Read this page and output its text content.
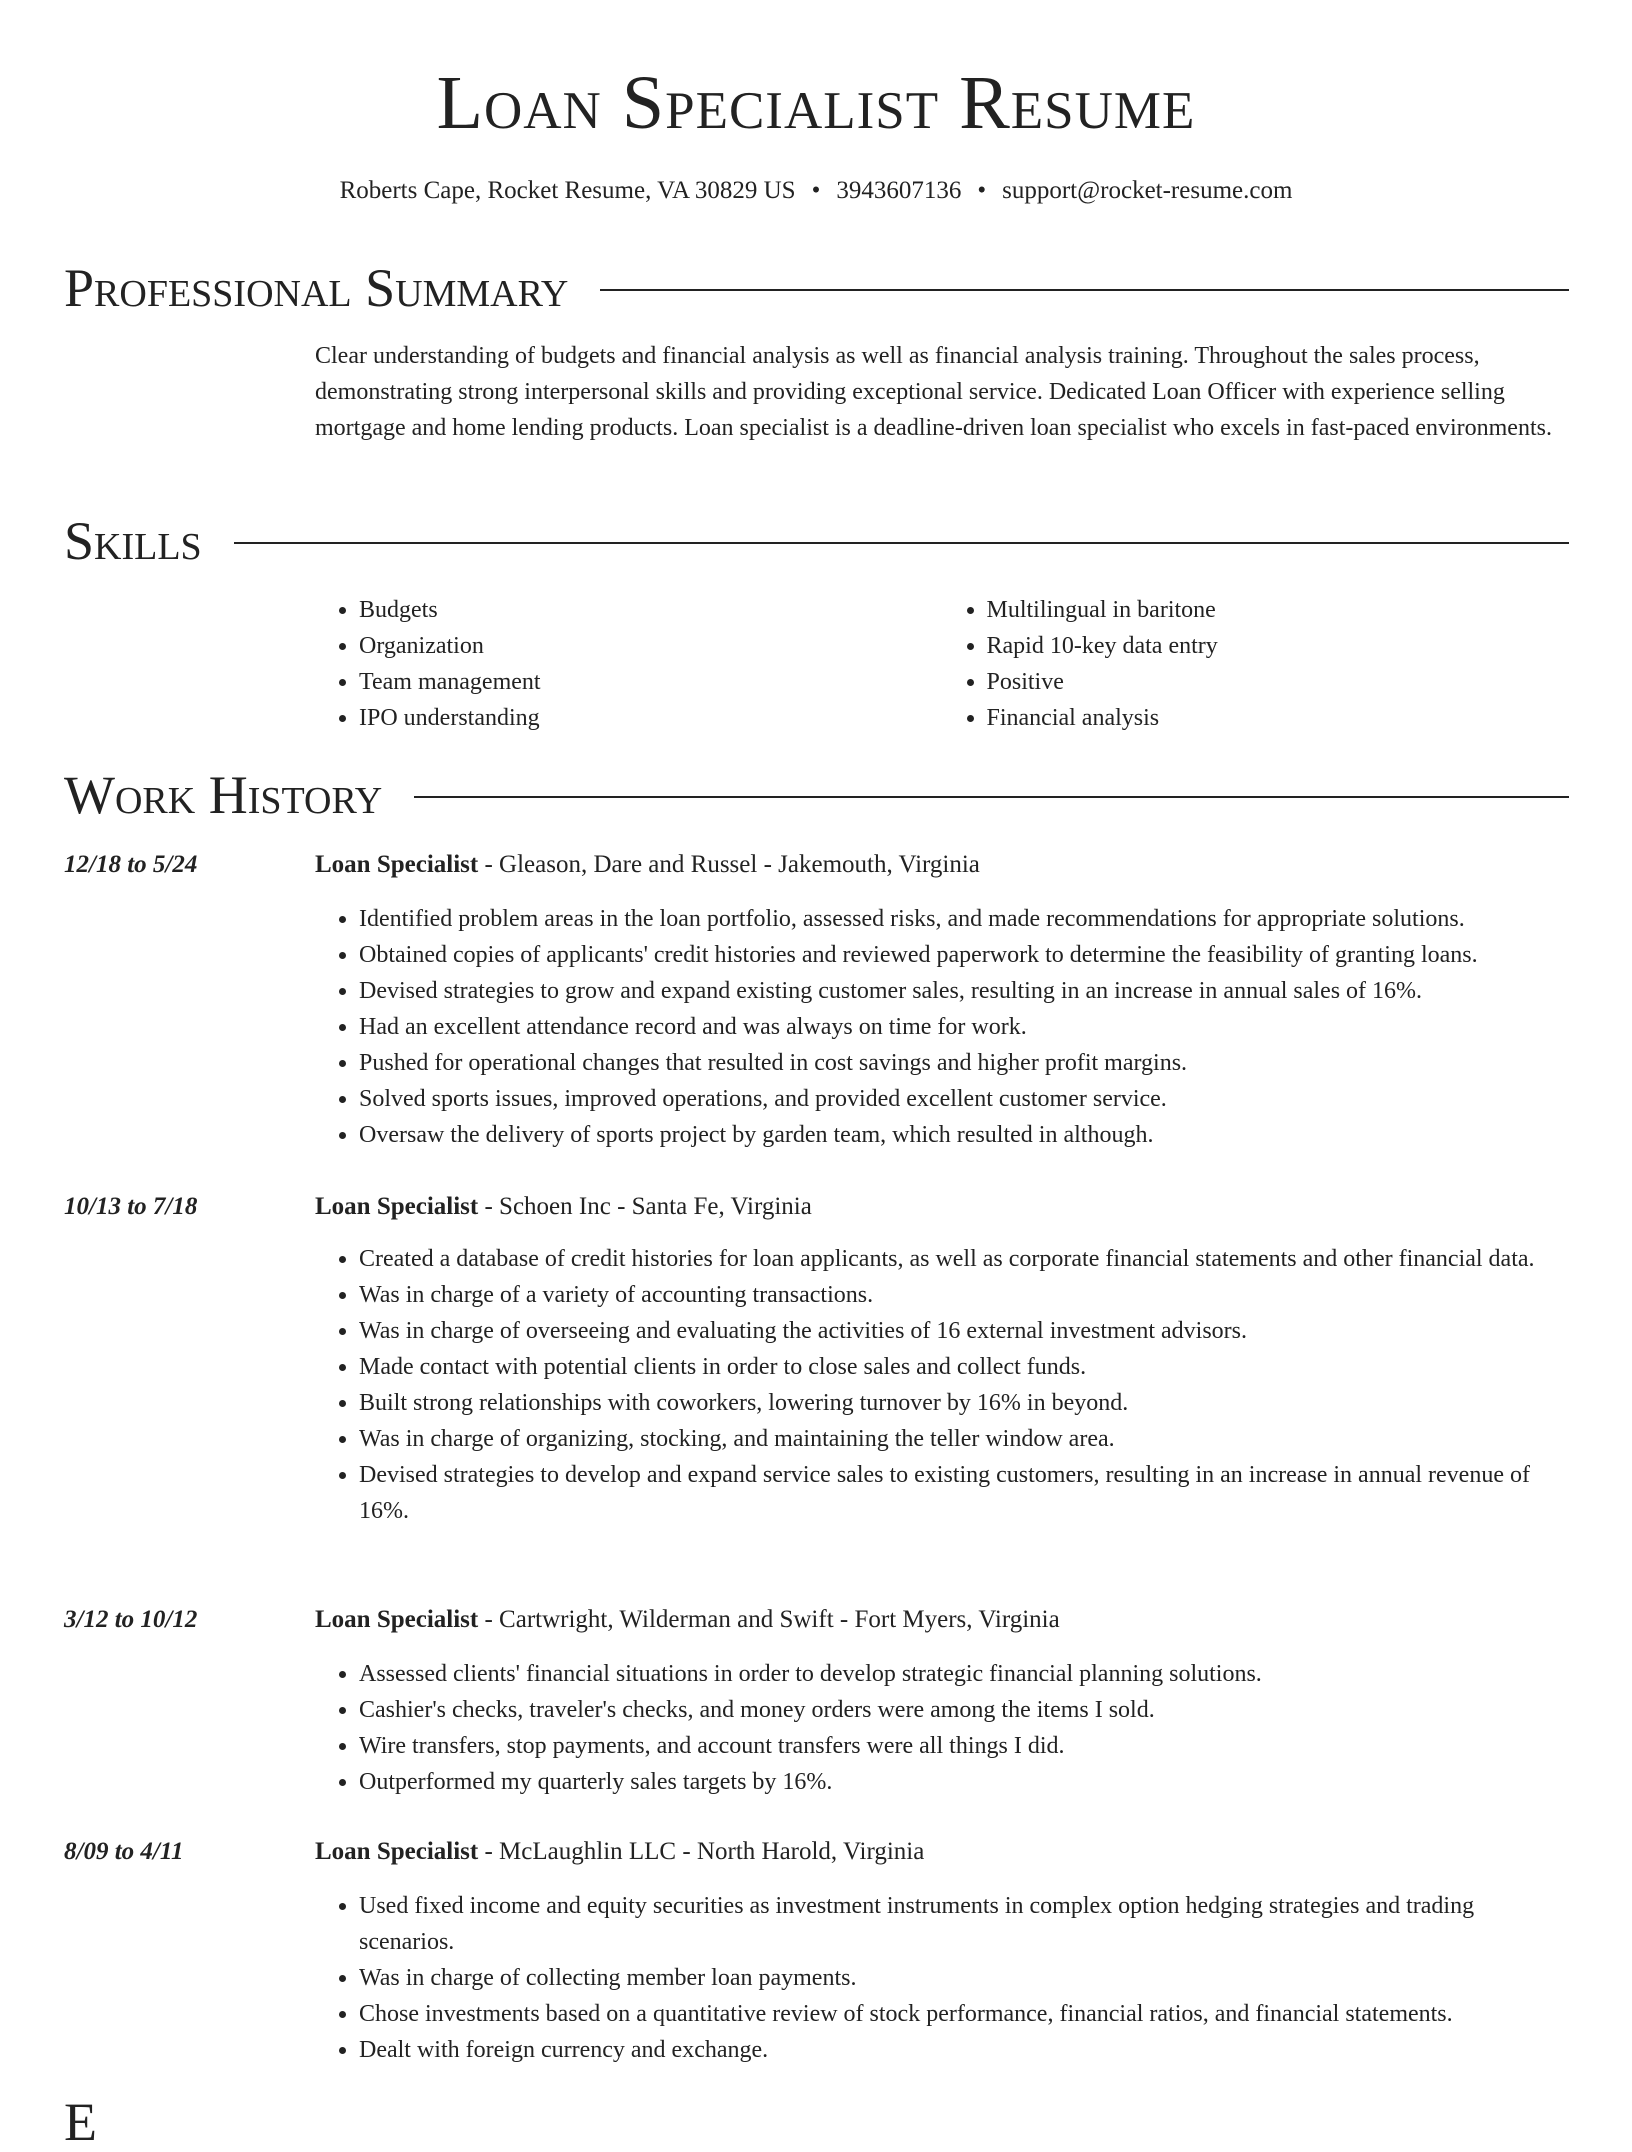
Loan Specialist Resume
Roberts Cape, Rocket Resume, VA 30829 US • 3943607136 • support@rocket-resume.com
Professional Summary
Clear understanding of budgets and financial analysis as well as financial analysis training. Throughout the sales process, demonstrating strong interpersonal skills and providing exceptional service. Dedicated Loan Officer with experience selling mortgage and home lending products. Loan specialist is a deadline-driven loan specialist who excels in fast-paced environments.
Skills
• Budgets
• Organization
• Team management
• IPO understanding
• Multilingual in baritone
• Rapid 10-key data entry
• Positive
• Financial analysis
Work History
12/18 to 5/24	Loan Specialist - Gleason, Dare and Russel - Jakemouth, Virginia
• Identified problem areas in the loan portfolio, assessed risks, and made recommendations for appropriate solutions.
• Obtained copies of applicants' credit histories and reviewed paperwork to determine the feasibility of granting loans.
• Devised strategies to grow and expand existing customer sales, resulting in an increase in annual sales of 16%.
• Had an excellent attendance record and was always on time for work.
• Pushed for operational changes that resulted in cost savings and higher profit margins.
• Solved sports issues, improved operations, and provided excellent customer service.
• Oversaw the delivery of sports project by garden team, which resulted in although.
10/13 to 7/18	Loan Specialist - Schoen Inc - Santa Fe, Virginia
• Created a database of credit histories for loan applicants, as well as corporate financial statements and other financial data.
• Was in charge of a variety of accounting transactions.
• Was in charge of overseeing and evaluating the activities of 16 external investment advisors.
• Made contact with potential clients in order to close sales and collect funds.
• Built strong relationships with coworkers, lowering turnover by 16% in beyond.
• Was in charge of organizing, stocking, and maintaining the teller window area.
• Devised strategies to develop and expand service sales to existing customers, resulting in an increase in annual revenue of 16%.
3/12 to 10/12	Loan Specialist - Cartwright, Wilderman and Swift - Fort Myers, Virginia
• Assessed clients' financial situations in order to develop strategic financial planning solutions.
• Cashier's checks, traveler's checks, and money orders were among the items I sold.
• Wire transfers, stop payments, and account transfers were all things I did.
• Outperformed my quarterly sales targets by 16%.
8/09 to 4/11	Loan Specialist - McLaughlin LLC - North Harold, Virginia
• Used fixed income and equity securities as investment instruments in complex option hedging strategies and trading scenarios.
• Was in charge of collecting member loan payments.
• Chose investments based on a quantitative review of stock performance, financial ratios, and financial statements.
• Dealt with foreign currency and exchange.
E
